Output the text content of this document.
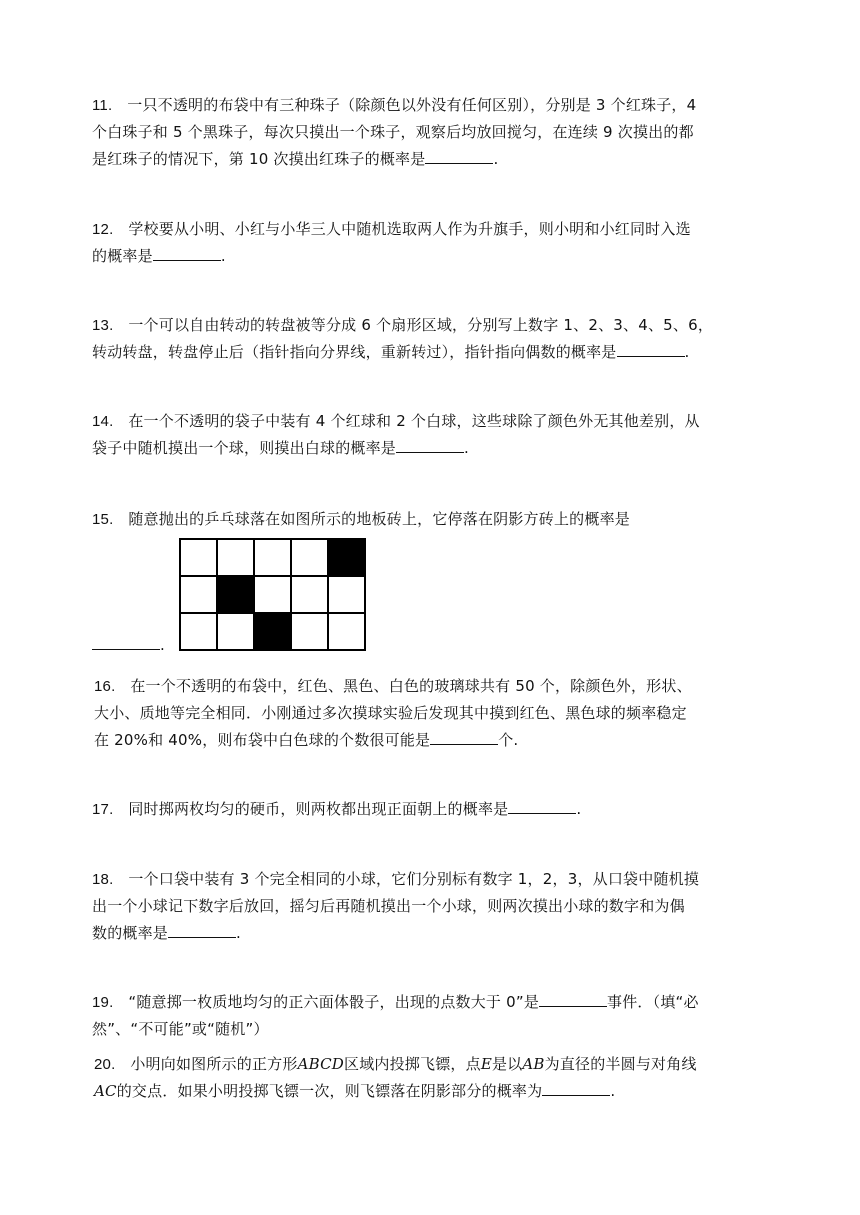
11. 一只不透明的布袋中有三种珠子（除颜色以外没有任何区别），分别是 3 个红珠子，4

个白珠子和 5 个黑珠子，每次只摸出一个珠子，观察后均放回搅匀，在连续 9 次摸出的都

是红珠子的情况下，第 10 次摸出红珠子的概率是	.

12. 学校要从小明、小红与小华三人中随机选取两人作为升旗手，则小明和小红同时入选

的概率是	.

13. 一个可以自由转动的转盘被等分成 6 个扇形区域，分别写上数字 1、2、3、4、5、6，

转动转盘，转盘停止后（指针指向分界线，重新转过），指针指向偶数的概率是	.

14. 在一个不透明的袋子中装有 4 个红球和 2 个白球，这些球除了颜色外无其他差别，从

袋子中随机摸出一个球，则摸出白球的概率是	.

15. 随意抛出的乒乓球落在如图所示的地板砖上，它停落在阴影方砖上的概率是

.

16. 在一个不透明的布袋中，红色、黑色、白色的玻璃球共有 50 个，除颜色外，形状、

大小、质地等完全相同．小刚通过多次摸球实验后发现其中摸到红色、黑色球的频率稳定

在 20%和 40%，则布袋中白色球的个数很可能是	个.

17. 同时掷两枚均匀的硬币，则两枚都出现正面朝上的概率是	.

18. 一个口袋中装有 3 个完全相同的小球，它们分别标有数字 1，2，3，从口袋中随机摸

出一个小球记下数字后放回，摇匀后再随机摸出一个小球，则两次摸出小球的数字和为偶

数的概率是	.

19. “随意掷一枚质地均匀的正六面体骰子，出现的点数大于 0”是	事件．（填“必

然”、“不可能”或“随机”）

20. 小明向如图所示的正方形ABCD区域内投掷飞镖，点E是以AB为直径的半圆与对角线

AC的交点．如果小明投掷飞镖一次，则飞镖落在阴影部分的概率为	.
